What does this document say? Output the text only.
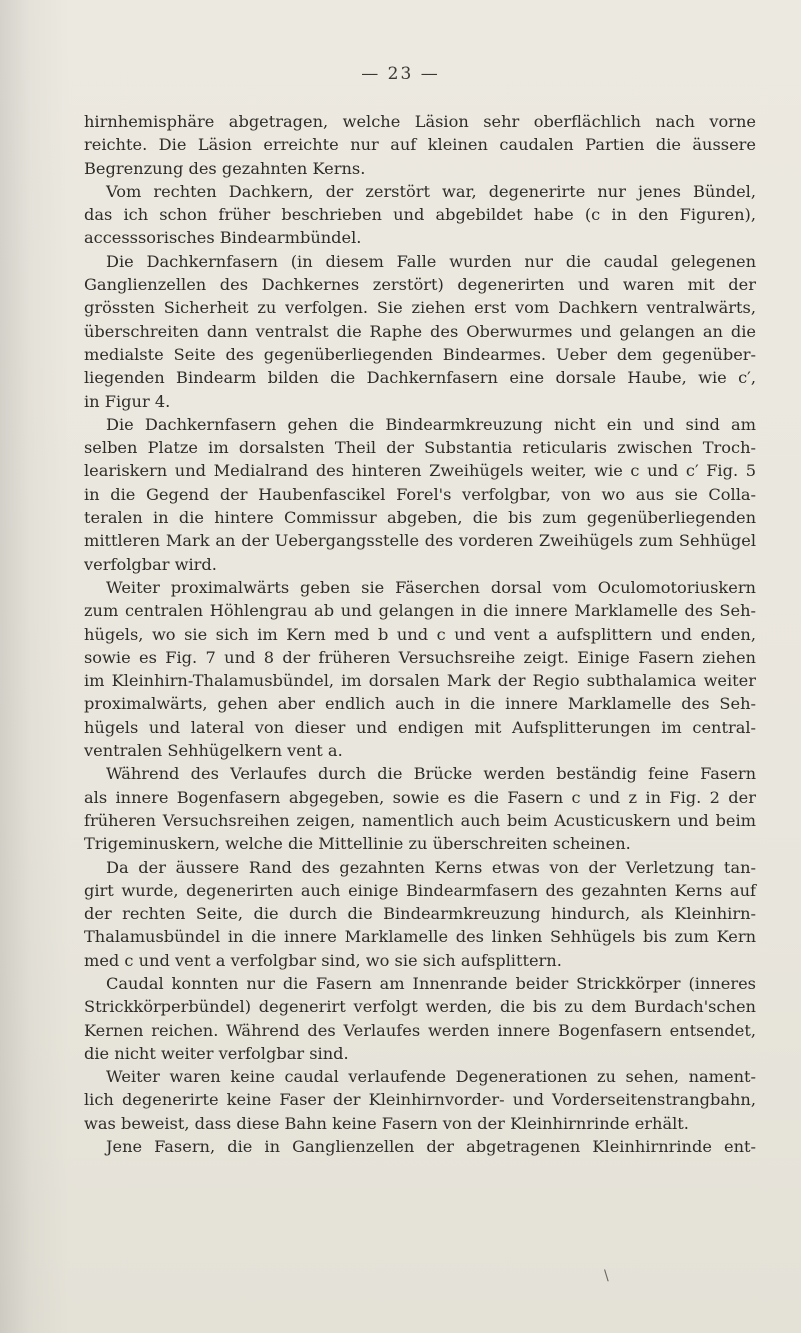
— 23 —
hirnhemisphäre abgetragen, welche Läsion sehr oberflächlich nach vorne
reichte. Die Läsion erreichte nur auf kleinen caudalen Partien die äussere
Begrenzung des gezahnten Kerns.
Vom rechten Dachkern, der zerstört war, degenerirte nur jenes Bündel,
das ich schon früher beschrieben und abgebildet habe (c in den Figuren),
accesssorisches Bindearmbündel.
Die Dachkernfasern (in diesem Falle wurden nur die caudal gelegenen
Ganglienzellen des Dachkernes zerstört) degenerirten und waren mit der
grössten Sicherheit zu verfolgen. Sie ziehen erst vom Dachkern ventralwärts,
überschreiten dann ventralst die Raphe des Oberwurmes und gelangen an die
medialste Seite des gegenüberliegenden Bindearmes. Ueber dem gegenüber-
liegenden Bindearm bilden die Dachkernfasern eine dorsale Haube, wie c′,
in Figur 4.
Die Dachkernfasern gehen die Bindearmkreuzung nicht ein und sind am
selben Platze im dorsalsten Theil der Substantia reticularis zwischen Troch-
leariskern und Medialrand des hinteren Zweihügels weiter, wie c und c′ Fig. 5
in die Gegend der Haubenfascikel Forel's verfolgbar, von wo aus sie Colla-
teralen in die hintere Commissur abgeben, die bis zum gegenüberliegenden
mittleren Mark an der Uebergangsstelle des vorderen Zweihügels zum Sehhügel
verfolgbar wird.
Weiter proximalwärts geben sie Fäserchen dorsal vom Oculomotoriuskern
zum centralen Höhlengrau ab und gelangen in die innere Marklamelle des Seh-
hügels, wo sie sich im Kern med b und c und vent a aufsplittern und enden,
sowie es Fig. 7 und 8 der früheren Versuchsreihe zeigt. Einige Fasern ziehen
im Kleinhirn-Thalamusbündel, im dorsalen Mark der Regio subthalamica weiter
proximalwärts, gehen aber endlich auch in die innere Marklamelle des Seh-
hügels und lateral von dieser und endigen mit Aufsplitterungen im central-
ventralen Sehhügelkern vent a.
Während des Verlaufes durch die Brücke werden beständig feine Fasern
als innere Bogenfasern abgegeben, sowie es die Fasern c und z in Fig. 2 der
früheren Versuchsreihen zeigen, namentlich auch beim Acusticuskern und beim
Trigeminuskern, welche die Mittellinie zu überschreiten scheinen.
Da der äussere Rand des gezahnten Kerns etwas von der Verletzung tan-
girt wurde, degenerirten auch einige Bindearmfasern des gezahnten Kerns auf
der rechten Seite, die durch die Bindearmkreuzung hindurch, als Kleinhirn-
Thalamusbündel in die innere Marklamelle des linken Sehhügels bis zum Kern
med c und vent a verfolgbar sind, wo sie sich aufsplittern.
Caudal konnten nur die Fasern am Innenrande beider Strickkörper (inneres
Strickkörperbündel) degenerirt verfolgt werden, die bis zu dem Burdach'schen
Kernen reichen. Während des Verlaufes werden innere Bogenfasern entsendet,
die nicht weiter verfolgbar sind.
Weiter waren keine caudal verlaufende Degenerationen zu sehen, nament-
lich degenerirte keine Faser der Kleinhirnvorder- und Vorderseitenstrangbahn,
was beweist, dass diese Bahn keine Fasern von der Kleinhirnrinde erhält.
Jene Fasern, die in Ganglienzellen der abgetragenen Kleinhirnrinde ent-
\
